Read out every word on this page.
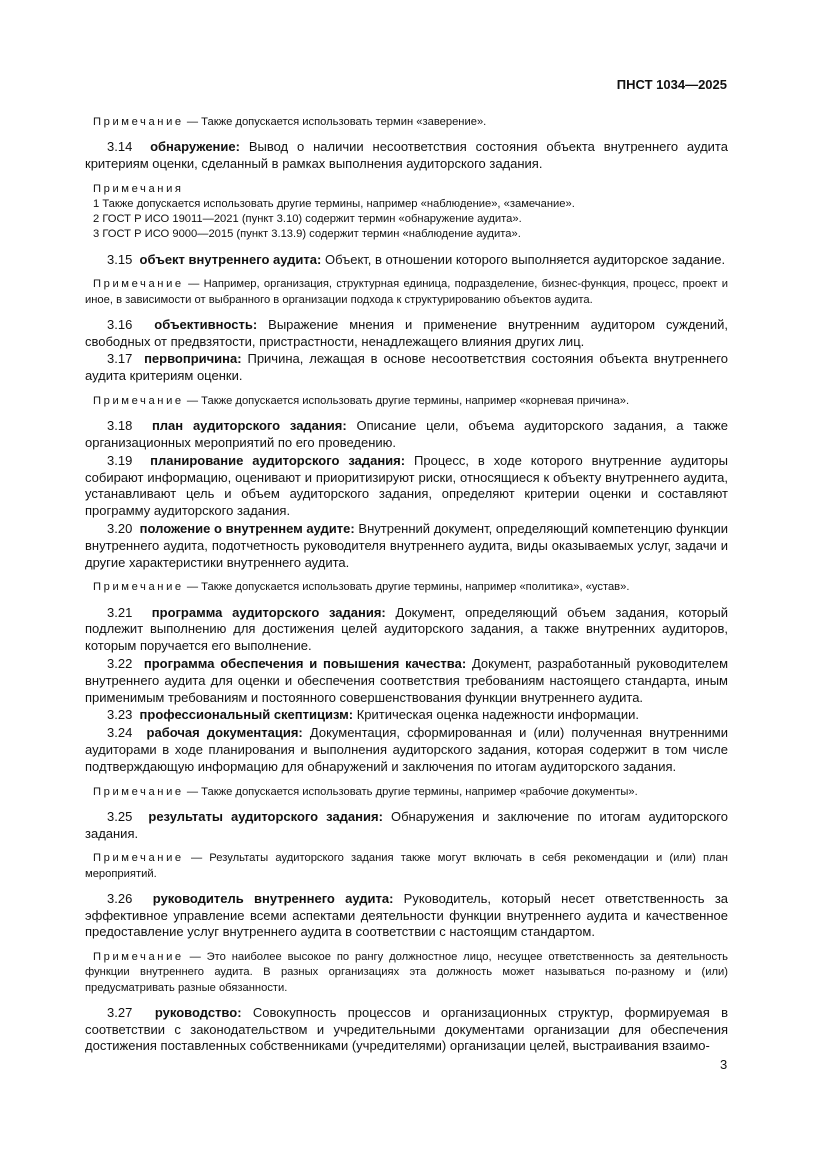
ПНСТ 1034—2025

Примечание — Также допускается использовать термин «заверение».

3.14 обнаружение: Вывод о наличии несоответствия состояния объекта внутреннего аудита критериям оценки, сделанный в рамках выполнения аудиторского задания.

Примечания

1 Также допускается использовать другие термины, например «наблюдение», «замечание».

2 ГОСТ Р ИСО 19011—2021 (пункт 3.10) содержит термин «обнаружение аудита».

3 ГОСТ Р ИСО 9000—2015 (пункт 3.13.9) содержит термин «наблюдение аудита».

3.15 объект внутреннего аудита: Объект, в отношении которого выполняется аудиторское задание.

Примечание — Например, организация, структурная единица, подразделение, бизнес-функция, процесс, проект и иное, в зависимости от выбранного в организации подхода к структурированию объектов аудита.

3.16 объективность: Выражение мнения и применение внутренним аудитором суждений, свободных от предвзятости, пристрастности, ненадлежащего влияния других лиц.

3.17 первопричина: Причина, лежащая в основе несоответствия состояния объекта внутреннего аудита критериям оценки.

Примечание — Также допускается использовать другие термины, например «корневая причина».

3.18 план аудиторского задания: Описание цели, объема аудиторского задания, а также организационных мероприятий по его проведению.

3.19 планирование аудиторского задания: Процесс, в ходе которого внутренние аудиторы собирают информацию, оценивают и приоритизируют риски, относящиеся к объекту внутреннего аудита, устанавливают цель и объем аудиторского задания, определяют критерии оценки и составляют программу аудиторского задания.

3.20 положение о внутреннем аудите: Внутренний документ, определяющий компетенцию функции внутреннего аудита, подотчетность руководителя внутреннего аудита, виды оказываемых услуг, задачи и другие характеристики внутреннего аудита.

Примечание — Также допускается использовать другие термины, например «политика», «устав».

3.21 программа аудиторского задания: Документ, определяющий объем задания, который подлежит выполнению для достижения целей аудиторского задания, а также внутренних аудиторов, которым поручается его выполнение.

3.22 программа обеспечения и повышения качества: Документ, разработанный руководителем внутреннего аудита для оценки и обеспечения соответствия требованиям настоящего стандарта, иным применимым требованиям и постоянного совершенствования функции внутреннего аудита.

3.23 профессиональный скептицизм: Критическая оценка надежности информации.

3.24 рабочая документация: Документация, сформированная и (или) полученная внутренними аудиторами в ходе планирования и выполнения аудиторского задания, которая содержит в том числе подтверждающую информацию для обнаружений и заключения по итогам аудиторского задания.

Примечание — Также допускается использовать другие термины, например «рабочие документы».

3.25 результаты аудиторского задания: Обнаружения и заключение по итогам аудиторского задания.

Примечание — Результаты аудиторского задания также могут включать в себя рекомендации и (или) план мероприятий.

3.26 руководитель внутреннего аудита: Руководитель, который несет ответственность за эффективное управление всеми аспектами деятельности функции внутреннего аудита и качественное предоставление услуг внутреннего аудита в соответствии с настоящим стандартом.

Примечание — Это наиболее высокое по рангу должностное лицо, несущее ответственность за деятельность функции внутреннего аудита. В разных организациях эта должность может называться по-разному и (или) предусматривать разные обязанности.

3.27 руководство: Совокупность процессов и организационных структур, формируемая в соответствии с законодательством и учредительными документами организации для обеспечения достижения поставленных собственниками (учредителями) организации целей, выстраивания взаимо-

3
